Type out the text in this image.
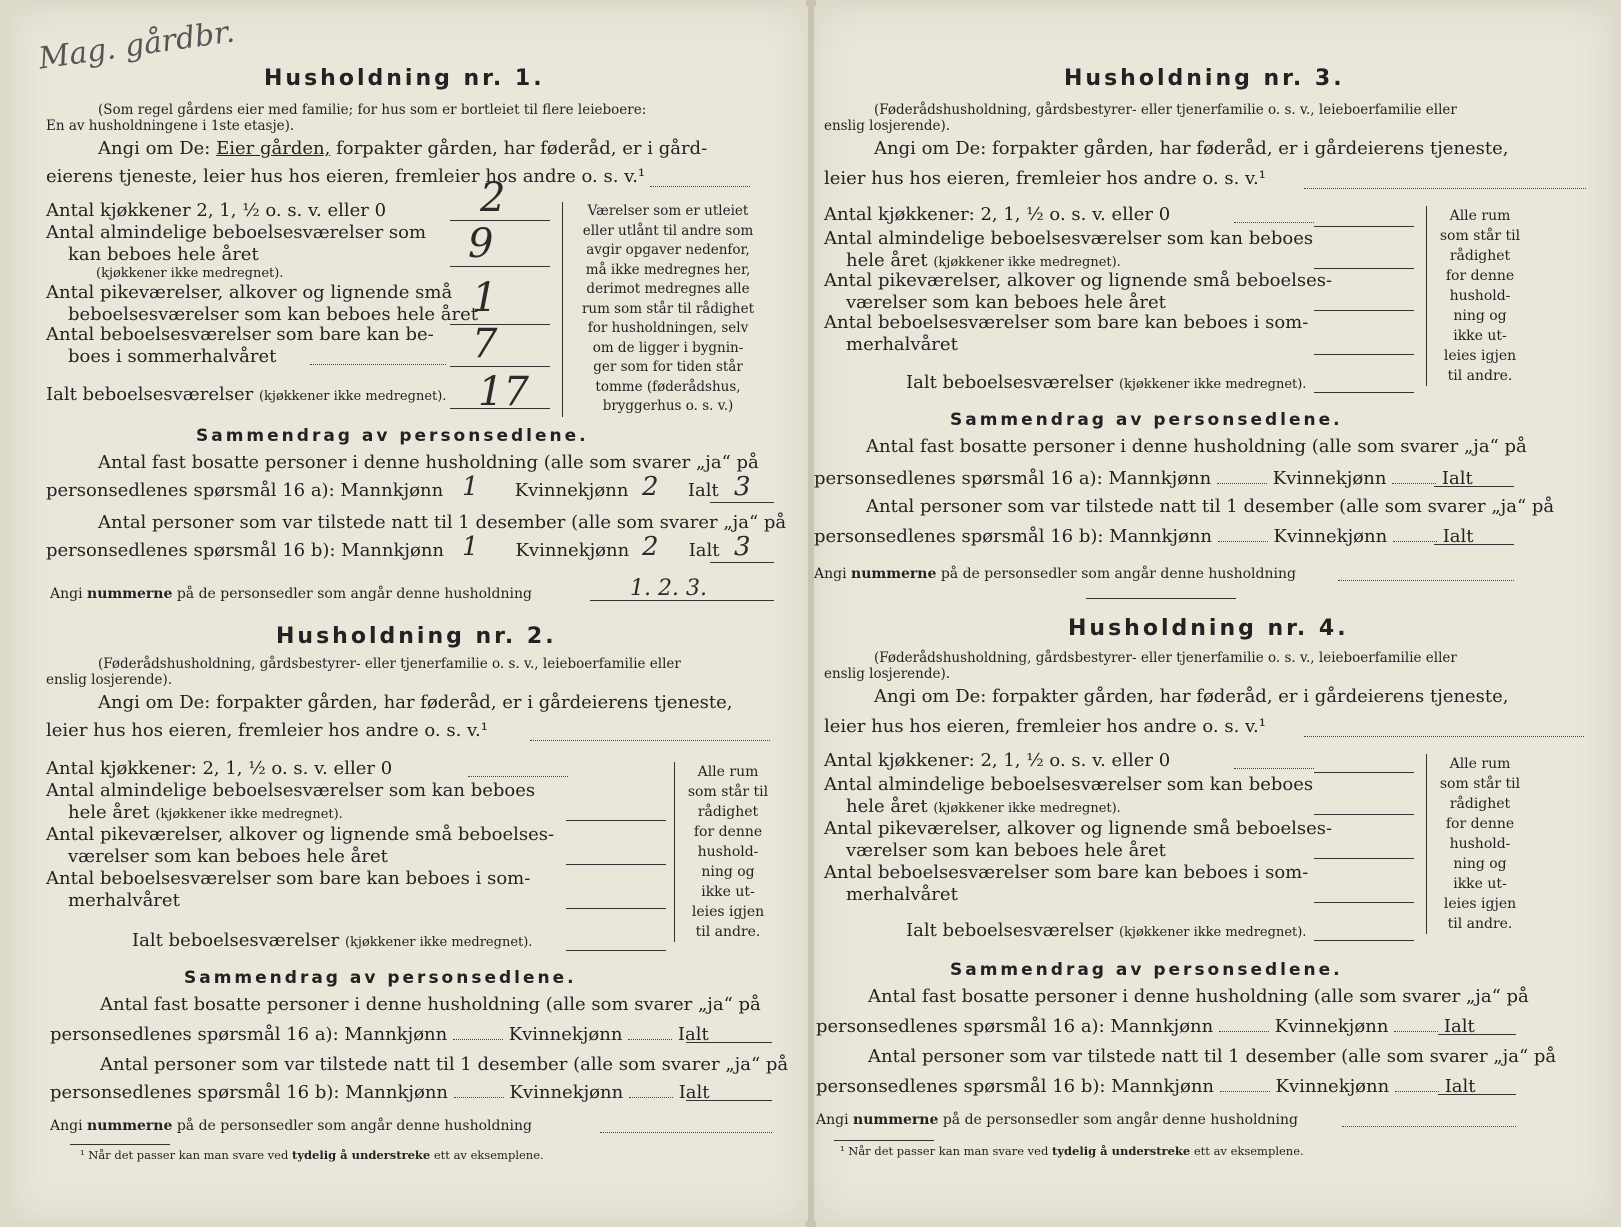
Mag. gårdbr.
Husholdning nr. 1.
(Som regel gårdens eier med familie; for hus som er bortleiet til flere leieboere:
En av husholdningene i 1ste etasje).
Angi om De: Eier gården, forpakter gården, har føderåd, er i gård-
eierens tjeneste, leier hus hos eieren, fremleier hos andre o. s. v.¹
Antal kjøkkener 2, 1, ½ o. s. v. eller 0 2
Antal almindelige beboelsesværelser som
kan beboes hele året
(kjøkkener ikke medregnet).
9
Antal pikeværelser, alkover og lignende små
beboelsesværelser som kan beboes hele året
1
Antal beboelsesværelser som bare kan be-
boes i sommerhalvåret	7
Ialt beboelsesværelser (kjøkkener ikke medregnet). 17
Værelser som er utleiet
eller utlånt til andre som
avgir opgaver nedenfor,
må ikke medregnes her,
derimot medregnes alle
rum som står til rådighet
for husholdningen, selv
om de ligger i bygnin-
ger som for tiden står
tomme (føderådshus,
bryggerhus o. s. v.)
Sammendrag av personsedlene.
Antal fast bosatte personer i denne husholdning (alle som svarer „ja“ på
personsedlenes spørsmål 16 a): Mannkjønn	Kvinnekjønn	Ialt
1	2	3
Antal personer som var tilstede natt til 1 desember (alle som svarer „ja“ på
personsedlenes spørsmål 16 b): Mannkjønn	Kvinnekjønn	Ialt
1	2	3
Angi nummerne på de personsedler som angår denne husholdning	1. 2. 3.
Husholdning nr. 2.
(Føderådshusholdning, gårdsbestyrer- eller tjenerfamilie o. s. v., leieboerfamilie eller
enslig losjerende).
Angi om De: forpakter gården, har føderåd, er i gårdeierens tjeneste,
leier hus hos eieren, fremleier hos andre o. s. v.¹
Antal kjøkkener: 2, 1, ½ o. s. v. eller 0
Antal almindelige beboelsesværelser som kan beboes
hele året (kjøkkener ikke medregnet).
Antal pikeværelser, alkover og lignende små beboelses-
værelser som kan beboes hele året
Antal beboelsesværelser som bare kan beboes i som-
merhalvåret
Ialt beboelsesværelser (kjøkkener ikke medregnet).
Alle rum
som står til
rådighet
for denne
hushold-
ning og
ikke ut-
leies igjen
til andre.
Sammendrag av personsedlene.
Antal fast bosatte personer i denne husholdning (alle som svarer „ja“ på
personsedlenes spørsmål 16 a): Mannkjønn	Kvinnekjønn	Ialt
Antal personer som var tilstede natt til 1 desember (alle som svarer „ja“ på
personsedlenes spørsmål 16 b): Mannkjønn	Kvinnekjønn	Ialt
Angi nummerne på de personsedler som angår denne husholdning
¹ Når det passer kan man svare ved tydelig å understreke ett av eksemplene.
Husholdning nr. 3.
(Føderådshusholdning, gårdsbestyrer- eller tjenerfamilie o. s. v., leieboerfamilie eller
enslig losjerende).
Angi om De: forpakter gården, har føderåd, er i gårdeierens tjeneste,
leier hus hos eieren, fremleier hos andre o. s. v.¹
Antal kjøkkener: 2, 1, ½ o. s. v. eller 0
Antal almindelige beboelsesværelser som kan beboes
hele året (kjøkkener ikke medregnet).
Antal pikeværelser, alkover og lignende små beboelses-
værelser som kan beboes hele året
Antal beboelsesværelser som bare kan beboes i som-
merhalvåret
Ialt beboelsesværelser (kjøkkener ikke medregnet).
Alle rum
som står til
rådighet
for denne
hushold-
ning og
ikke ut-
leies igjen
til andre.
Sammendrag av personsedlene.
Antal fast bosatte personer i denne husholdning (alle som svarer „ja“ på
personsedlenes spørsmål 16 a): Mannkjønn	Kvinnekjønn	Ialt
Antal personer som var tilstede natt til 1 desember (alle som svarer „ja“ på
personsedlenes spørsmål 16 b): Mannkjønn	Kvinnekjønn	Ialt
Angi nummerne på de personsedler som angår denne husholdning
Husholdning nr. 4.
(Føderådshusholdning, gårdsbestyrer- eller tjenerfamilie o. s. v., leieboerfamilie eller
enslig losjerende).
Angi om De: forpakter gården, har føderåd, er i gårdeierens tjeneste,
leier hus hos eieren, fremleier hos andre o. s. v.¹
Antal kjøkkener: 2, 1, ½ o. s. v. eller 0
Antal almindelige beboelsesværelser som kan beboes
hele året (kjøkkener ikke medregnet).
Antal pikeværelser, alkover og lignende små beboelses-
værelser som kan beboes hele året
Antal beboelsesværelser som bare kan beboes i som-
merhalvåret
Ialt beboelsesværelser (kjøkkener ikke medregnet).
Alle rum
som står til
rådighet
for denne
hushold-
ning og
ikke ut-
leies igjen
til andre.
Sammendrag av personsedlene.
Antal fast bosatte personer i denne husholdning (alle som svarer „ja“ på
personsedlenes spørsmål 16 a): Mannkjønn	Kvinnekjønn	Ialt
Antal personer som var tilstede natt til 1 desember (alle som svarer „ja“ på
personsedlenes spørsmål 16 b): Mannkjønn	Kvinnekjønn	Ialt
Angi nummerne på de personsedler som angår denne husholdning
¹ Når det passer kan man svare ved tydelig å understreke ett av eksemplene.
